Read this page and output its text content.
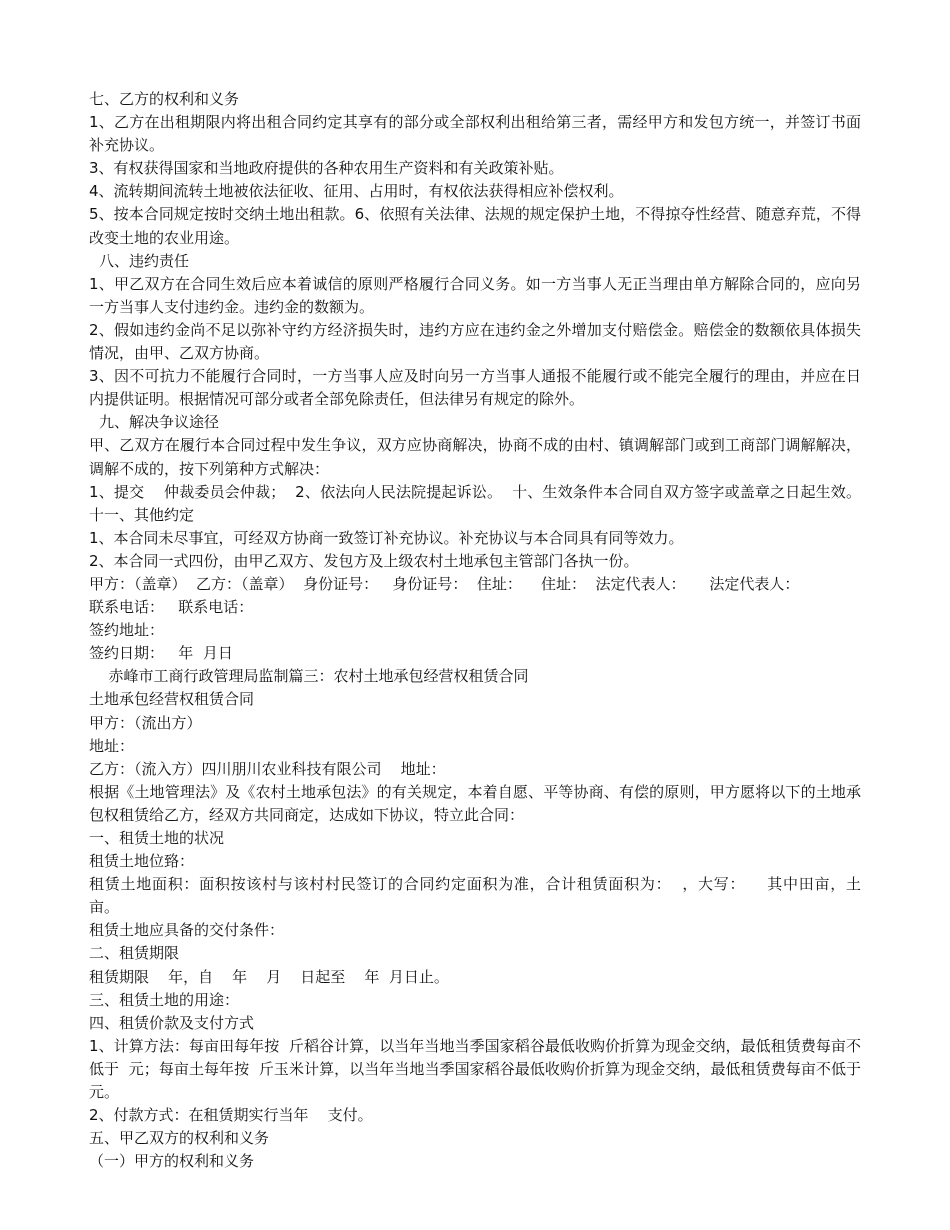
七、乙方的权利和义务

1、乙方在出租期限内将出租合同约定其享有的部分或全部权利出租给第三者，需经甲方和发包方统一，并签订书面补充协议。

3、有权获得国家和当地政府提供的各种农用生产资料和有关政策补贴。

4、流转期间流转土地被依法征收、征用、占用时，有权依法获得相应补偿权利。

5、按本合同规定按时交纳土地出租款。6、依照有关法律、法规的规定保护土地，不得掠夺性经营、随意弃荒，不得改变土地的农业用途。

八、违约责任

1、甲乙双方在合同生效后应本着诚信的原则严格履行合同义务。如一方当事人无正当理由单方解除合同的，应向另一方当事人支付违约金。违约金的数额为。

2、假如违约金尚不足以弥补守约方经济损失时，违约方应在违约金之外增加支付赔偿金。赔偿金的数额依具体损失情况，由甲、乙双方协商。

3、因不可抗力不能履行合同时，一方当事人应及时向另一方当事人通报不能履行或不能完全履行的理由，并应在日内提供证明。根据情况可部分或者全部免除责任，但法律另有规定的除外。

九、解决争议途径

甲、乙双方在履行本合同过程中发生争议，双方应协商解决，协商不成的由村、镇调解部门或到工商部门调解解决，调解不成的，按下列第种方式解决：

1、提交    仲裁委员会仲裁；  2、依法向人民法院提起诉讼。  十、生效条件本合同自双方签字或盖章之日起生效。  十一、其他约定

1、本合同未尽事宜，可经双方协商一致签订补充协议。补充协议与本合同具有同等效力。

2、本合同一式四份，由甲乙双方、发包方及上级农村土地承包主管部门各执一份。

甲方：（盖章）  乙方：（盖章）  身份证号：   身份证号：  住址：    住址：  法定代表人：     法定代表人：

联系电话：   联系电话：

签约地址：

签约日期：   年  月日

赤峰市工商行政管理局监制篇三：农村土地承包经营权租赁合同

土地承包经营权租赁合同

甲方：（流出方）

地址：

乙方：（流入方）四川朋川农业科技有限公司    地址：

根据《土地管理法》及《农村土地承包法》的有关规定，本着自愿、平等协商、有偿的原则，甲方愿将以下的土地承包权租赁给乙方，经双方共同商定，达成如下协议，特立此合同：

一、租赁土地的状况

租赁土地位臵：

租赁土地面积：面积按该村与该村村民签订的合同约定面积为准，合计租赁面积为：  ，大写：    其中田亩，土  亩。

租赁土地应具备的交付条件：

二、租赁期限

租赁期限    年，自    年    月    日起至    年  月日止。

三、租赁土地的用途：

四、租赁价款及支付方式

1、计算方法：每亩田每年按  斤稻谷计算，以当年当地当季国家稻谷最低收购价折算为现金交纳，最低租赁费每亩不低于  元；每亩土每年按  斤玉米计算，以当年当地当季国家稻谷最低收购价折算为现金交纳，最低租赁费每亩不低于  元。

2、付款方式：在租赁期实行当年    支付。

五、甲乙双方的权利和义务

（一）甲方的权利和义务
